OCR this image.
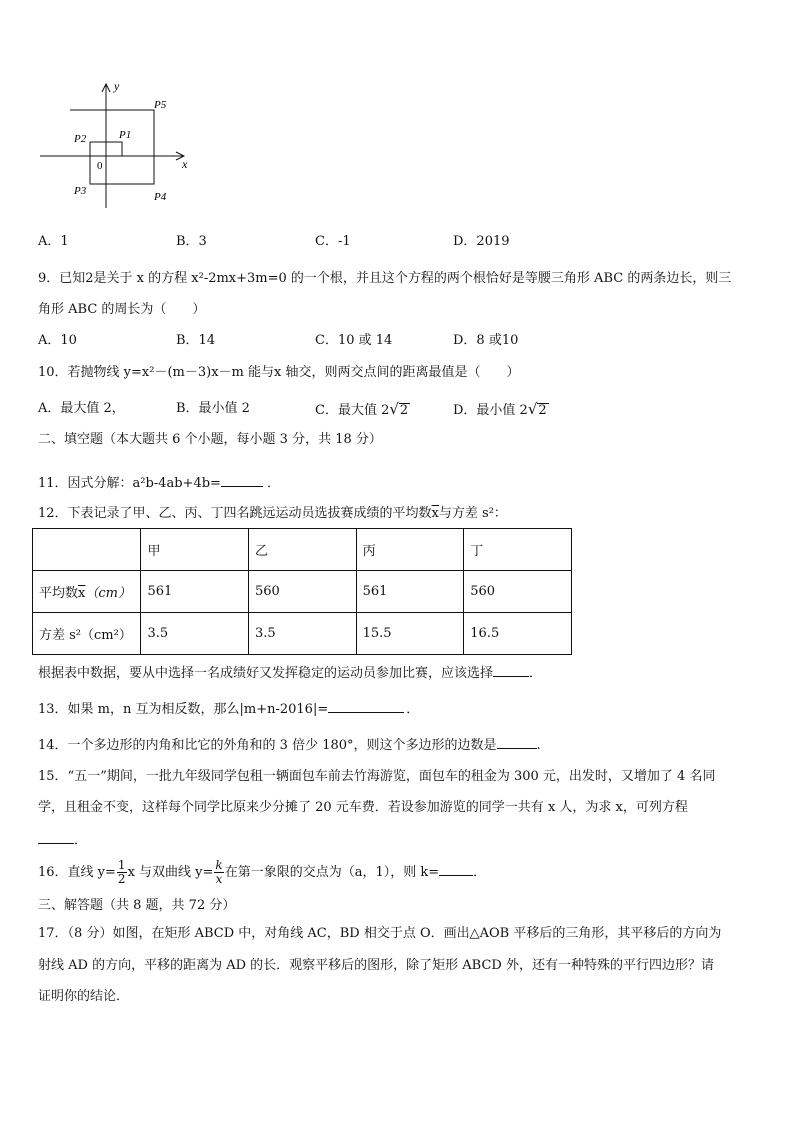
y
x
0
P5
P1
P2
P3	P4
A．1	B．3	C．-1	D．2019
9．已知2是关于 x 的方程 x²-2mx+3m=0 的一个根，并且这个方程的两个根恰好是等腰三角形 ABC 的两条边长，则三
角形 ABC 的周长为（　　）
A．10	B．14	C．10 或 14	D．8 或10
10．若抛物线 y=x²－(m－3)x－m 能与x 轴交，则两交点间的距离最值是（　　）
A．最大值 2，	B．最小值 2	C．最大值 2√2	D．最小值 2√2
二、填空题（本大题共 6 个小题，每小题 3 分，共 18 分）
11．因式分解：a²b-4ab+4b=	．
12．下表记录了甲、乙、丙、丁四名跳远运动员选拔赛成绩的平均数$\overline{x}$与方差 s²：
	甲	乙	丙	丁
平均数$\overline{x}(cm)$	561	560	561	560
方差 s²（cm²）	3.5	3.5	15.5	16.5
根据表中数据，要从中选择一名成绩好又发挥稳定的运动员参加比赛，应该选择	．
13．如果 m，n 互为相反数，那么|m+n-2016|=	．
14．一个多边形的内角和比它的外角和的 3 倍少 180°，则这个多边形的边数是	.
15．“五一”期间，一批九年级同学包租一辆面包车前去竹海游览，面包车的租金为 300 元，出发时，又增加了 4 名同
学，且租金不变，这样每个同学比原来少分摊了 20 元车费．若设参加游览的同学一共有 x 人，为求 x，可列方程
．
16．直线 $y= \frac{1}{2}$ x 与双曲线 $y= \frac{k}{x}$ 在第一象限的交点为（a，1），则 k=	．
三、解答题（共 8 题，共 72 分）
17．（8 分）如图，在矩形 ABCD 中，对角线 AC，BD 相交于点 O．画出△AOB 平移后的三角形，其平移后的方向为
射线 AD 的方向，平移的距离为 AD 的长．观察平移后的图形，除了矩形 ABCD 外，还有一种特殊的平行四边形？请
证明你的结论．
